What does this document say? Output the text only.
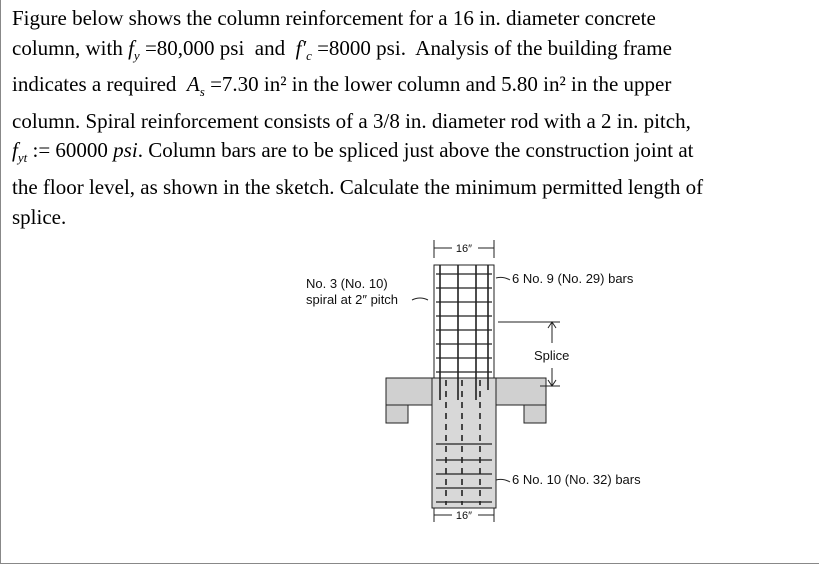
Figure below shows the column reinforcement for a 16 in. diameter concrete
column, with $f_y =80,000$ psi  and  $f'_c =8000$ psi.  Analysis of the building frame
indicates a required  $A_s =7.30$ in² in the lower column and 5.80 in² in the upper
column. Spiral reinforcement consists of a 3/8 in. diameter rod with a 2 in. pitch,
$f_{yt}$ := 60000 psi. Column bars are to be spliced just above the construction joint at
the floor level, as shown in the sketch. Calculate the minimum permitted length of
splice.
16″
16″
Splice
No. 3 (No. 10)
spiral at 2″ pitch
6 No. 9 (No. 29) bars
6 No. 10 (No. 32) bars
